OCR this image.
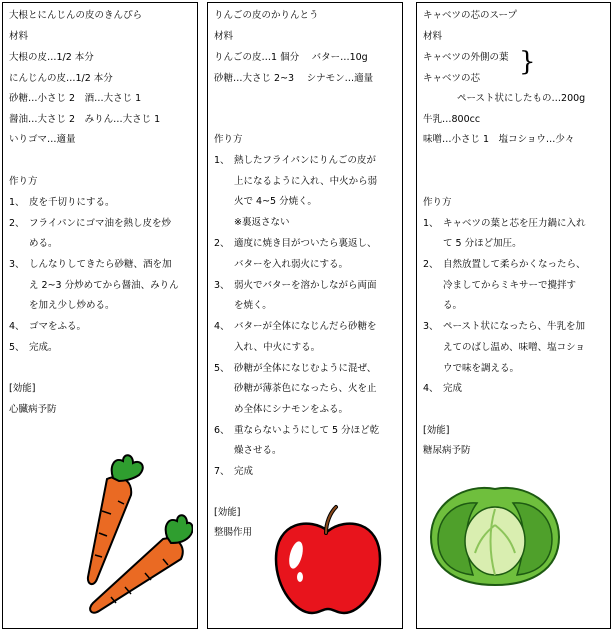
大根とにんじんの皮のきんぴら
材料
大根の皮…1/2 本分
にんじんの皮…1/2 本分
砂糖…小さじ 2　酒…大さじ 1
醤油…大さじ 2　みりん…大さじ 1
いりゴマ…適量
作り方
1、 皮を千切りにする。
2、 フライパンにゴマ油を熱し皮を炒
める。
3、 しんなりしてきたら砂糖、酒を加
え 2~3 分炒めてから醤油、みりん
を加え少し炒める。
4、 ゴマをふる。
5、 完成。
[効能]
心臓病予防
りんごの皮のかりんとう
材料
りんごの皮…1 個分　 バター…10g
砂糖…大さじ 2~3　 シナモン…適量
作り方
1、 熱したフライパンにりんごの皮が
上になるように入れ、中火から弱
火で 4~5 分焼く。
※裏返さない
2、 適度に焼き目がついたら裏返し、
バターを入れ弱火にする。
3、 弱火でバターを溶かしながら両面
を焼く。
4、 バターが全体になじんだら砂糖を
入れ、中火にする。
5、 砂糖が全体になじむように混ぜ、
砂糖が薄茶色になったら、火を止
め全体にシナモンをふる。
6、 重ならないようにして 5 分ほど乾
燥させる。
7、 完成
[効能]
整腸作用
キャベツの芯のスープ
材料
キャベツの外側の葉
キャベツの芯
}
ペースト状にしたもの…200g
牛乳…800cc
味噌…小さじ 1　塩コショウ…少々
作り方
1、 キャベツの葉と芯を圧力鍋に入れ
て 5 分ほど加圧。
2、 自然放置して柔らかくなったら、
冷ましてからミキサーで攪拌す
る。
3、 ペースト状になったら、牛乳を加
えてのばし温め、味噌、塩コショ
ウで味を調える。
4、 完成
[効能]
糖尿病予防
